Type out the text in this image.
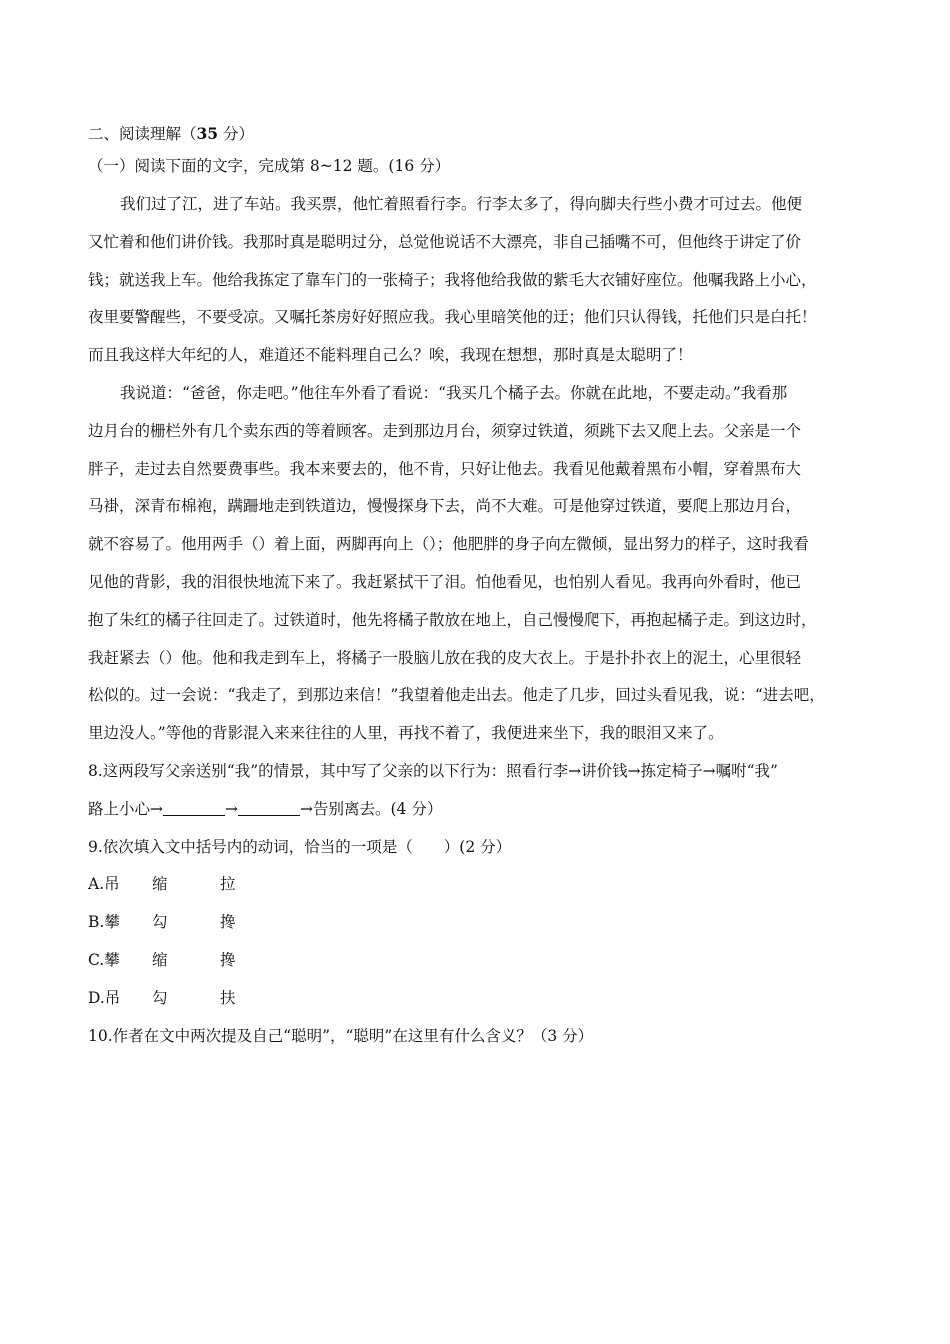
二、阅读理解（35 分）
（一）阅读下面的文字，完成第 8~12 题。(16 分）
我们过了江，进了车站。我买票，他忙着照看行李。行李太多了，得向脚夫行些小费才可过去。他便
又忙着和他们讲价钱。我那时真是聪明过分，总觉他说话不大漂亮，非自己插嘴不可，但他终于讲定了价
钱；就送我上车。他给我拣定了靠车门的一张椅子；我将他给我做的紫毛大衣铺好座位。他嘱我路上小心，
夜里要警醒些，不要受凉。又嘱托茶房好好照应我。我心里暗笑他的迂；他们只认得钱，托他们只是白托！
而且我这样大年纪的人，难道还不能料理自己么？唉，我现在想想，那时真是太聪明了！
我说道：“爸爸，你走吧。”他往车外看了看说：“我买几个橘子去。你就在此地，不要走动。”我看那
边月台的栅栏外有几个卖东西的等着顾客。走到那边月台，须穿过铁道，须跳下去又爬上去。父亲是一个
胖子，走过去自然要费事些。我本来要去的，他不肯，只好让他去。我看见他戴着黑布小帽，穿着黑布大
马褂，深青布棉袍，蹒跚地走到铁道边，慢慢探身下去，尚不大难。可是他穿过铁道，要爬上那边月台，
就不容易了。他用两手（）着上面，两脚再向上（）；他肥胖的身子向左微倾，显出努力的样子，这时我看
见他的背影，我的泪很快地流下来了。我赶紧拭干了泪。怕他看见，也怕别人看见。我再向外看时，他已
抱了朱红的橘子往回走了。过铁道时，他先将橘子散放在地上，自己慢慢爬下，再抱起橘子走。到这边时，
我赶紧去（）他。他和我走到车上，将橘子一股脑儿放在我的皮大衣上。于是扑扑衣上的泥土，心里很轻
松似的。过一会说：“我走了，到那边来信！”我望着他走出去。他走了几步，回过头看见我，说：“进去吧，
里边没人。”等他的背影混入来来往往的人里，再找不着了，我便进来坐下，我的眼泪又来了。
8.这两段写父亲送别“我”的情景，其中写了父亲的以下行为：照看行李→讲价钱→拣定椅子→嘱咐“我”
路上小心→	→	→告别离去。(4 分）
9.依次填入文中括号内的动词，恰当的一项是（　　）(2 分）
A.吊 缩	拉
B.攀 勾	搀
C.攀 缩	搀
D.吊 勾	扶
10.作者在文中两次提及自己“聪明”，“聪明”在这里有什么含义？（3 分）
